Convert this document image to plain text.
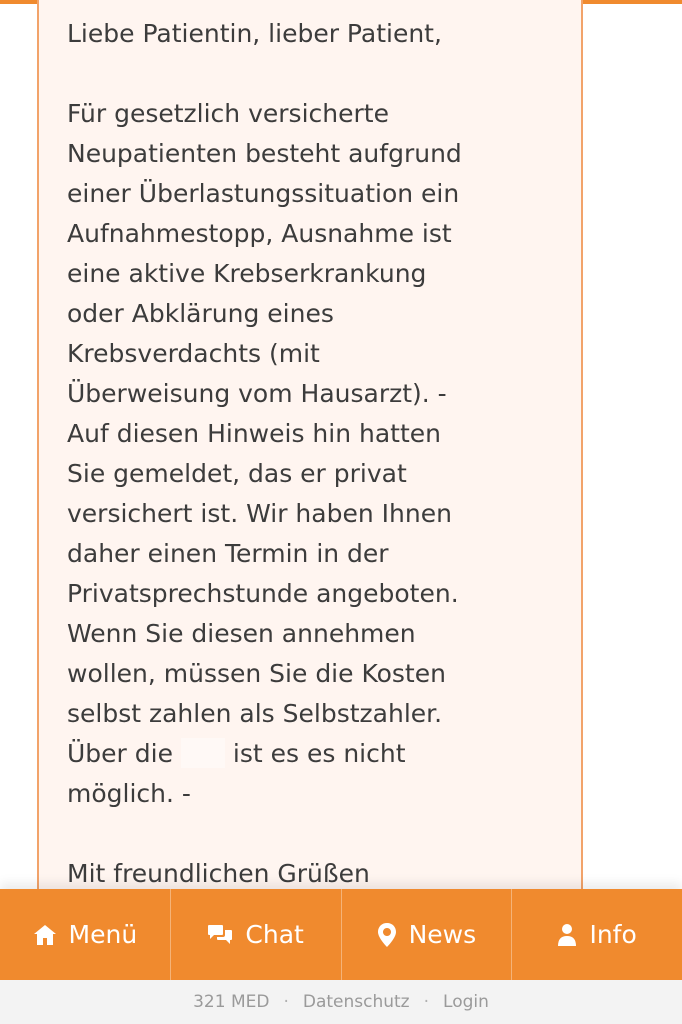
Liebe Patientin, lieber Patient,

Für gesetzlich versicherte
Neupatienten besteht aufgrund
einer Überlastungssituation ein
Aufnahmestopp, Ausnahme ist
eine aktive Krebserkrankung
oder Abklärung eines
Krebsverdachts (mit
Überweisung vom Hausarzt). -
Auf diesen Hinweis hin hatten
Sie gemeldet, das er privat
versichert ist. Wir haben Ihnen
daher einen Termin in der
Privatsprechstunde angeboten.
Wenn Sie diesen annehmen
wollen, müssen Sie die Kosten
selbst zahlen als Selbstzahler.
Über die ist es es nicht
möglich. -

Mit freundlichen Grüßen

Menü	Chat	News	Info
321 MED · Datenschutz · Login
